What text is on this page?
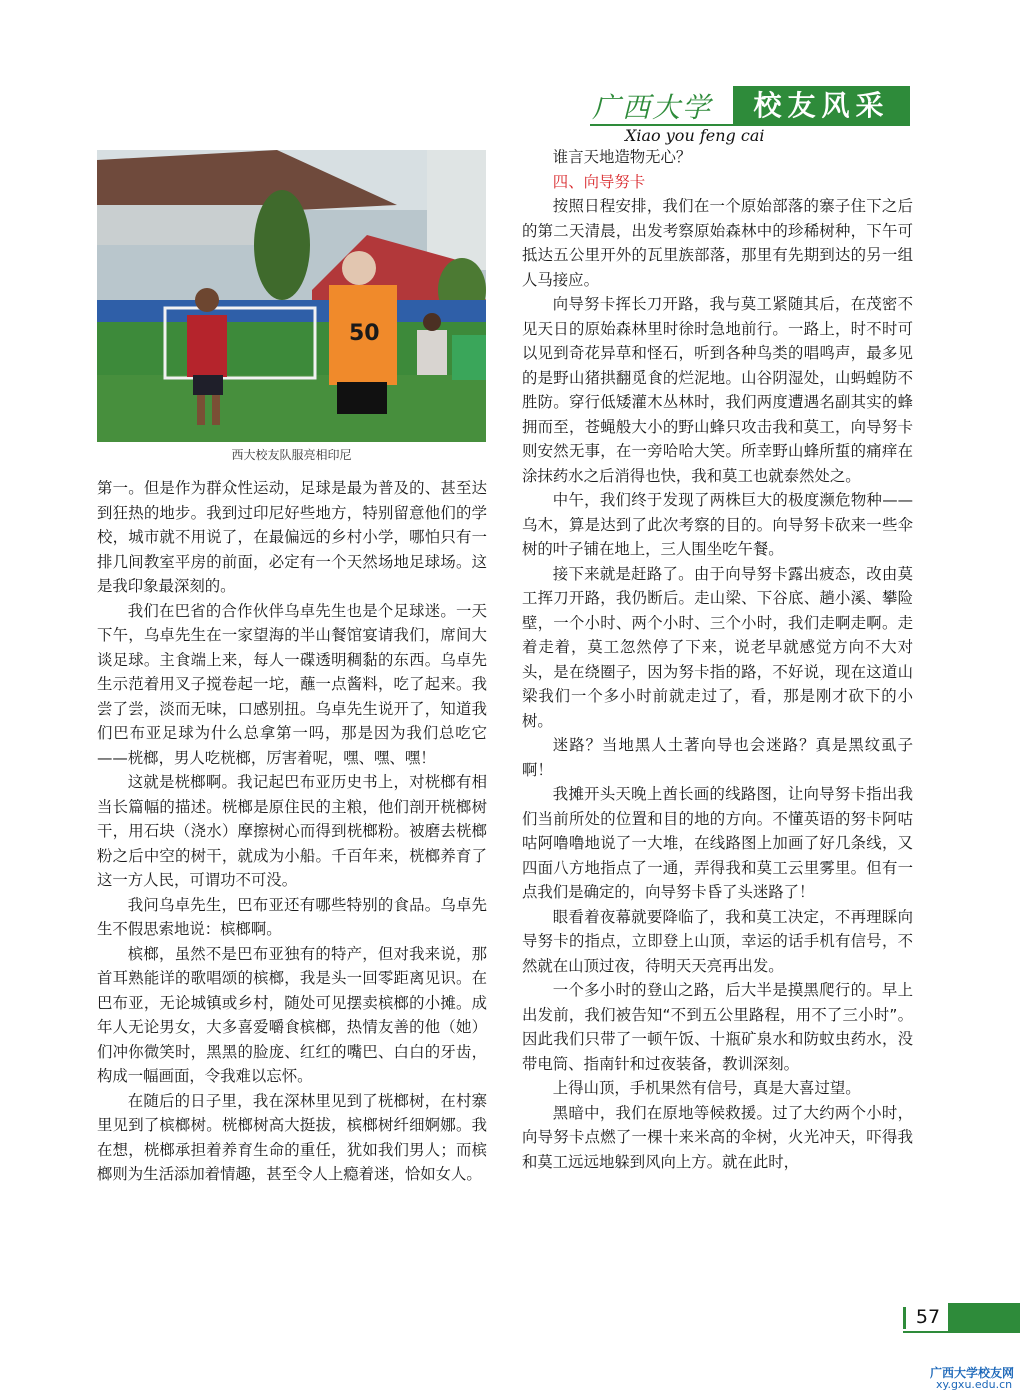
广西大学	校友风采
Xiao you feng cai
50
西大校友队服亮相印尼

第一。但是作为群众性运动，足球是最为普及的、甚至达到狂热的地步。我到过印尼好些地方，特别留意他们的学校，城市就不用说了，在最偏远的乡村小学，哪怕只有一排几间教室平房的前面，必定有一个天然场地足球场。这是我印象最深刻的。

我们在巴省的合作伙伴乌卓先生也是个足球迷。一天下午，乌卓先生在一家望海的半山餐馆宴请我们，席间大谈足球。主食端上来，每人一碟透明稠黏的东西。乌卓先生示范着用叉子搅卷起一坨，蘸一点酱料，吃了起来。我尝了尝，淡而无味，口感别扭。乌卓先生说开了，知道我们巴布亚足球为什么总拿第一吗，那是因为我们总吃它——桄榔，男人吃桄榔，厉害着呢，嘿、嘿、嘿！

这就是桄榔啊。我记起巴布亚历史书上，对桄榔有相当长篇幅的描述。桄榔是原住民的主粮，他们剖开桄榔树干，用石块（浇水）摩擦树心而得到桄榔粉。被磨去桄榔粉之后中空的树干，就成为小船。千百年来，桄榔养育了这一方人民，可谓功不可没。

我问乌卓先生，巴布亚还有哪些特别的食品。乌卓先生不假思索地说：槟榔啊。

槟榔，虽然不是巴布亚独有的特产，但对我来说，那首耳熟能详的歌唱颂的槟榔，我是头一回零距离见识。在巴布亚，无论城镇或乡村，随处可见摆卖槟榔的小摊。成年人无论男女，大多喜爱嚼食槟榔，热情友善的他（她）们冲你微笑时，黑黑的脸庞、红红的嘴巴、白白的牙齿，构成一幅画面，令我难以忘怀。

在随后的日子里，我在深林里见到了桄榔树，在村寨里见到了槟榔树。桄榔树高大挺拔，槟榔树纤细婀娜。我在想，桄榔承担着养育生命的重任，犹如我们男人；而槟榔则为生活添加着情趣，甚至令人上瘾着迷，恰如女人。

谁言天地造物无心？

四、向导努卡

按照日程安排，我们在一个原始部落的寨子住下之后的第二天清晨，出发考察原始森林中的珍稀树种，下午可抵达五公里开外的瓦里族部落，那里有先期到达的另一组人马接应。

向导努卡挥长刀开路，我与莫工紧随其后，在茂密不见天日的原始森林里时徐时急地前行。一路上，时不时可以见到奇花异草和怪石，听到各种鸟类的唱鸣声，最多见的是野山猪拱翻觅食的烂泥地。山谷阴湿处，山蚂蝗防不胜防。穿行低矮灌木丛林时，我们两度遭遇名副其实的蜂拥而至，苍蝇般大小的野山蜂只攻击我和莫工，向导努卡则安然无事，在一旁哈哈大笑。所幸野山蜂所蜇的痛痒在涂抹药水之后消得也快，我和莫工也就泰然处之。

中午，我们终于发现了两株巨大的极度濒危物种——乌木，算是达到了此次考察的目的。向导努卡砍来一些伞树的叶子铺在地上，三人围坐吃午餐。

接下来就是赶路了。由于向导努卡露出疲态，改由莫工挥刀开路，我仍断后。走山梁、下谷底、趟小溪、攀险壁，一个小时、两个小时、三个小时，我们走啊走啊。走着走着，莫工忽然停了下来，说老早就感觉方向不大对头，是在绕圈子，因为努卡指的路，不好说，现在这道山梁我们一个多小时前就走过了，看，那是刚才砍下的小树。

迷路？当地黑人土著向导也会迷路？真是黑纹虱子啊！

我摊开头天晚上酋长画的线路图，让向导努卡指出我们当前所处的位置和目的地的方向。不懂英语的努卡阿咕咕阿噜噜地说了一大堆，在线路图上加画了好几条线，又四面八方地指点了一通，弄得我和莫工云里雾里。但有一点我们是确定的，向导努卡昏了头迷路了！

眼看着夜幕就要降临了，我和莫工决定，不再理睬向导努卡的指点，立即登上山顶，幸运的话手机有信号，不然就在山顶过夜，待明天天亮再出发。

一个多小时的登山之路，后大半是摸黑爬行的。早上出发前，我们被告知“不到五公里路程，用不了三小时”。因此我们只带了一顿午饭、十瓶矿泉水和防蚊虫药水，没带电筒、指南针和过夜装备，教训深刻。

上得山顶，手机果然有信号，真是大喜过望。

黑暗中，我们在原地等候救援。过了大约两个小时，向导努卡点燃了一棵十来米高的伞树，火光冲天，吓得我和莫工远远地躲到风向上方。就在此时，

57
广西大学校友网
xy.gxu.edu.cn
